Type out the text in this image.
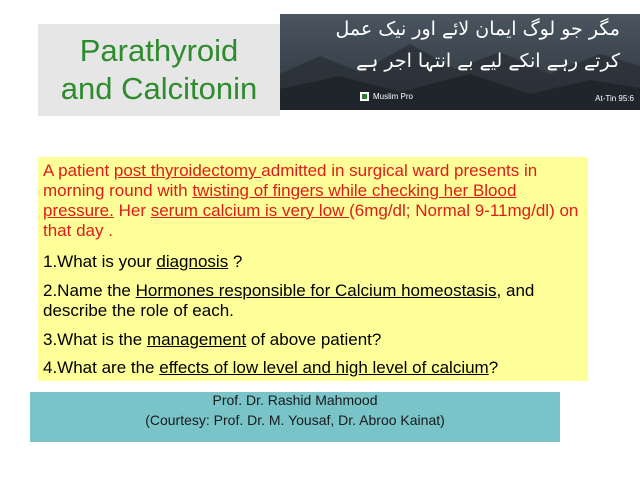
Parathyroid
and Calcitonin
مگر جو لوگ ایمان لائے اور نیک عمل
کرتے رہے انکے لیے بے انتہا اجر ہے
Muslim Pro	At-Tin 95:6
A patient post thyroidectomy admitted in surgical ward presents in morning round with twisting of fingers while checking her Blood pressure. Her serum calcium is very low (6mg/dl; Normal 9-11mg/dl) on that day .
1.What is your diagnosis ?
2.Name the Hormones responsible for Calcium homeostasis, and describe the role of each.
3.What is the management of above patient?
4.What are the effects of low level and high level of calcium?
Prof. Dr. Rashid Mahmood
(Courtesy: Prof. Dr. M. Yousaf, Dr. Abroo Kainat)
